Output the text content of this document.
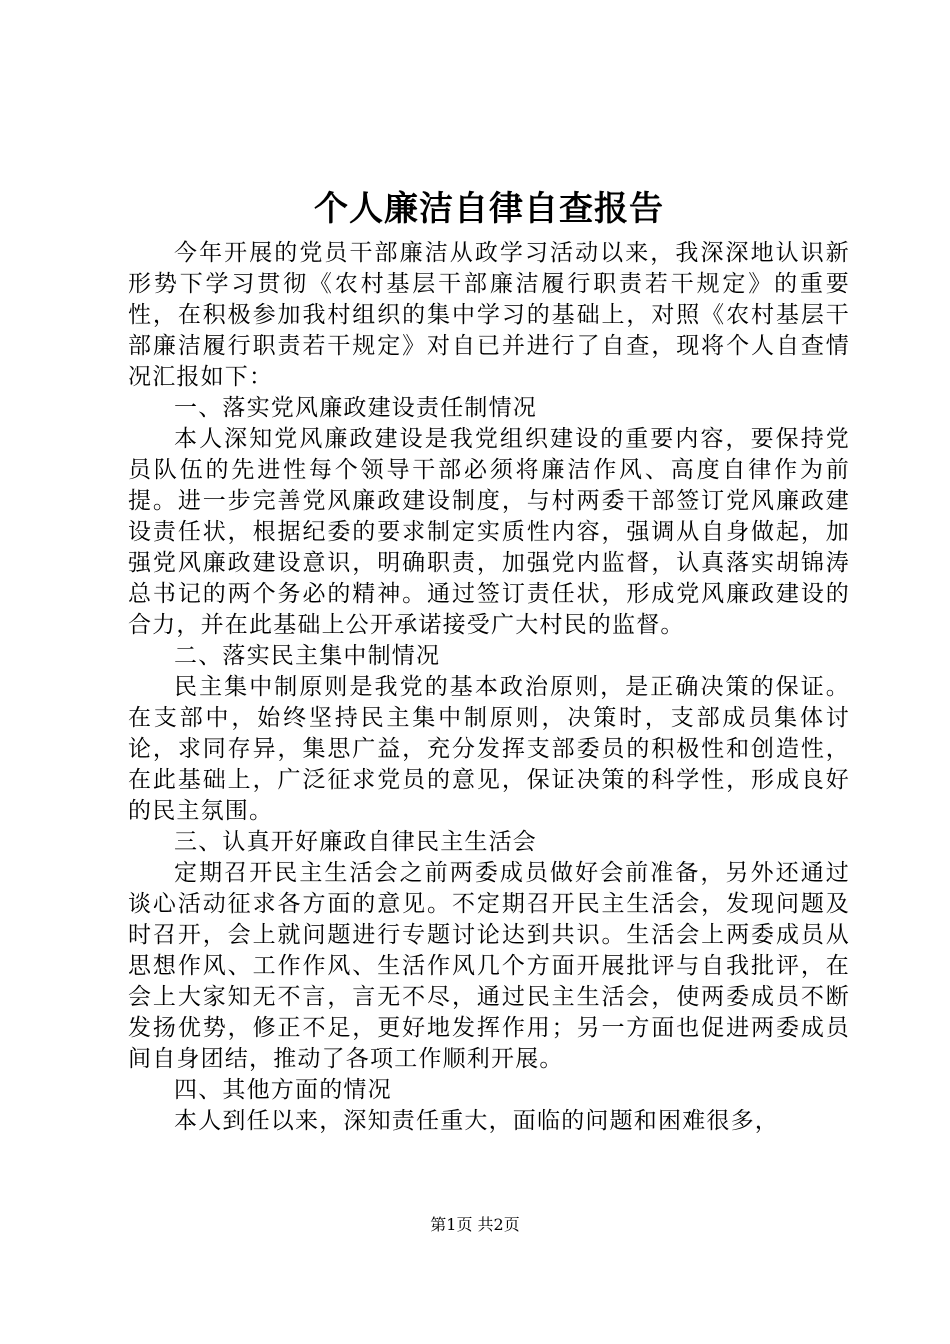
个人廉洁自律自查报告

今年开展的党员干部廉洁从政学习活动以来，我深深地认识新形势下学习贯彻《农村基层干部廉洁履行职责若干规定》的重要性，在积极参加我村组织的集中学习的基础上，对照《农村基层干部廉洁履行职责若干规定》对自已并进行了自查，现将个人自查情况汇报如下：

一、落实党风廉政建设责任制情况

本人深知党风廉政建设是我党组织建设的重要内容，要保持党员队伍的先进性每个领导干部必须将廉洁作风、高度自律作为前提。进一步完善党风廉政建设制度，与村两委干部签订党风廉政建设责任状，根据纪委的要求制定实质性内容，强调从自身做起，加强党风廉政建设意识，明确职责，加强党内监督，认真落实胡锦涛总书记的两个务必的精神。通过签订责任状，形成党风廉政建设的合力，并在此基础上公开承诺接受广大村民的监督。

二、落实民主集中制情况

民主集中制原则是我党的基本政治原则，是正确决策的保证。在支部中，始终坚持民主集中制原则，决策时，支部成员集体讨论，求同存异，集思广益，充分发挥支部委员的积极性和创造性，在此基础上，广泛征求党员的意见，保证决策的科学性，形成良好的民主氛围。

三、认真开好廉政自律民主生活会

定期召开民主生活会之前两委成员做好会前准备，另外还通过谈心活动征求各方面的意见。不定期召开民主生活会，发现问题及时召开，会上就问题进行专题讨论达到共识。生活会上两委成员从思想作风、工作作风、生活作风几个方面开展批评与自我批评，在会上大家知无不言，言无不尽，通过民主生活会，使两委成员不断发扬优势，修正不足，更好地发挥作用；另一方面也促进两委成员间自身团结，推动了各项工作顺利开展。

四、其他方面的情况

本人到任以来，深知责任重大，面临的问题和困难很多，

第1页 共2页
